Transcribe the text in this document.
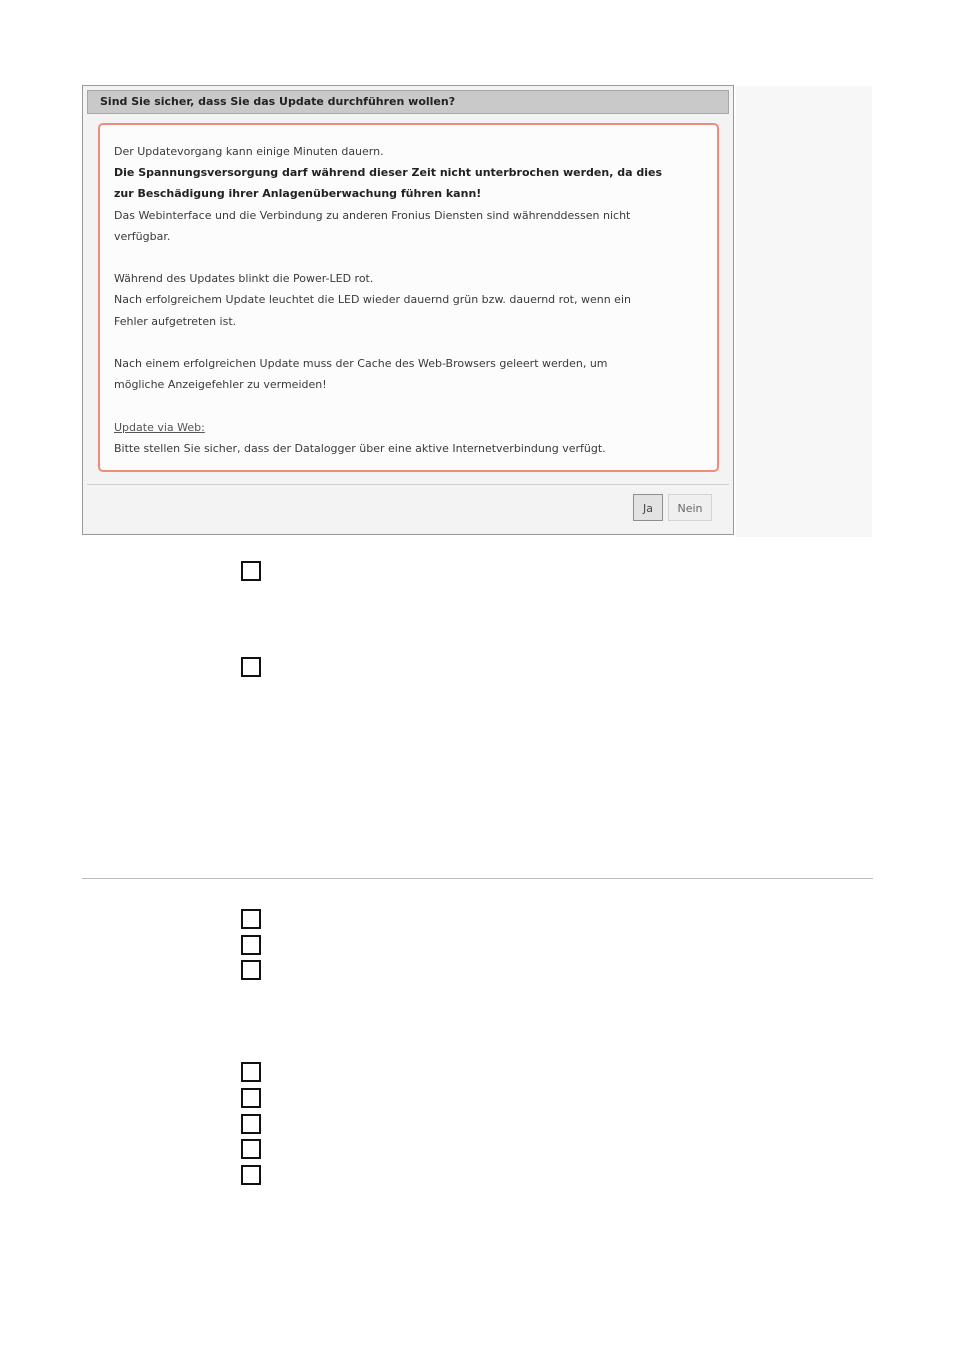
Sind Sie sicher, dass Sie das Update durchführen wollen?

Der Updatevorgang kann einige Minuten dauern.

Die Spannungsversorgung darf während dieser Zeit nicht unterbrochen werden, da dies

zur Beschädigung ihrer Anlagenüberwachung führen kann!

Das Webinterface und die Verbindung zu anderen Fronius Diensten sind währenddessen nicht

verfügbar.

Während des Updates blinkt die Power-LED rot.

Nach erfolgreichem Update leuchtet die LED wieder dauernd grün bzw. dauernd rot, wenn ein

Fehler aufgetreten ist.

Nach einem erfolgreichen Update muss der Cache des Web-Browsers geleert werden, um

mögliche Anzeigefehler zu vermeiden!

Update via Web:

Bitte stellen Sie sicher, dass der Datalogger über eine aktive Internetverbindung verfügt.

Ja	Nein
